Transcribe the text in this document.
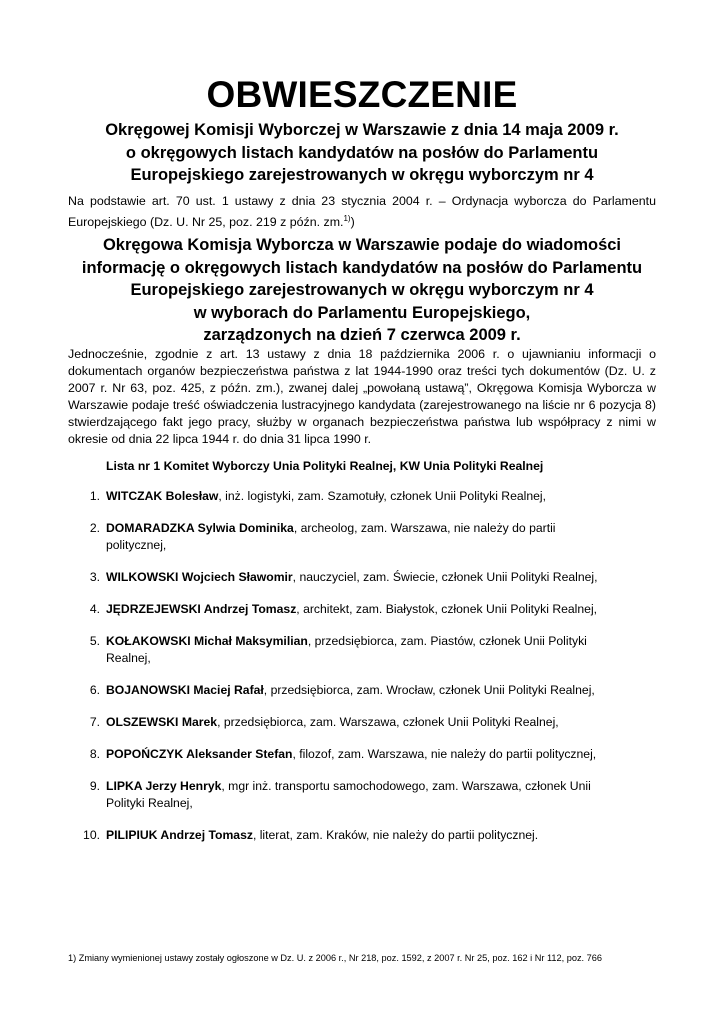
OBWIESZCZENIE
Okręgowej Komisji Wyborczej w Warszawie z dnia 14 maja 2009 r.
o okręgowych listach kandydatów na posłów do Parlamentu
Europejskiego zarejestrowanych w okręgu wyborczym nr 4
Na podstawie art. 70 ust. 1 ustawy z dnia 23 stycznia 2004 r. – Ordynacja wyborcza do Parlamentu Europejskiego (Dz. U. Nr 25, poz. 219 z późn. zm.$^{1)}$)
Okręgowa Komisja Wyborcza w Warszawie podaje do wiadomości
informację o okręgowych listach kandydatów na posłów do Parlamentu
Europejskiego zarejestrowanych w okręgu wyborczym nr 4
w wyborach do Parlamentu Europejskiego,
zarządzonych na dzień 7 czerwca 2009 r.
Jednocześnie, zgodnie z art. 13 ustawy z dnia 18 października 2006 r. o ujawnianiu informacji o dokumentach organów bezpieczeństwa państwa z lat 1944-1990 oraz treści tych dokumentów (Dz. U. z 2007 r. Nr 63, poz. 425, z późn. zm.), zwanej dalej „powołaną ustawą”, Okręgowa Komisja Wyborcza w Warszawie podaje treść oświadczenia lustracyjnego kandydata (zarejestrowanego na liście nr 6 pozycja 8) stwierdzającego fakt jego pracy, służby w organach bezpieczeństwa państwa lub współpracy z nimi w okresie od dnia 22 lipca 1944 r. do dnia 31 lipca 1990 r.
Lista nr 1 Komitet Wyborczy Unia Polityki Realnej, KW Unia Polityki Realnej
1. WITCZAK Bolesław, inż. logistyki, zam. Szamotuły, członek Unii Polityki Realnej,
2. DOMARADZKA Sylwia Dominika, archeolog, zam. Warszawa, nie należy do partii politycznej,
3. WILKOWSKI Wojciech Sławomir, nauczyciel, zam. Świecie, członek Unii Polityki Realnej,
4. JĘDRZEJEWSKI Andrzej Tomasz, architekt, zam. Białystok, członek Unii Polityki Realnej,
5. KOŁAKOWSKI Michał Maksymilian, przedsiębiorca, zam. Piastów, członek Unii Polityki Realnej,
6. BOJANOWSKI Maciej Rafał, przedsiębiorca, zam. Wrocław, członek Unii Polityki Realnej,
7. OLSZEWSKI Marek, przedsiębiorca, zam. Warszawa, członek Unii Polityki Realnej,
8. POPOŃCZYK Aleksander Stefan, filozof, zam. Warszawa, nie należy do partii politycznej,
9. LIPKA Jerzy Henryk, mgr inż. transportu samochodowego, zam. Warszawa, członek Unii Polityki Realnej,
10. PILIPIUK Andrzej Tomasz, literat, zam. Kraków, nie należy do partii politycznej.
1) Zmiany wymienionej ustawy zostały ogłoszone w Dz. U. z 2006 r., Nr 218, poz. 1592, z 2007 r. Nr 25, poz. 162 i Nr 112, poz. 766
